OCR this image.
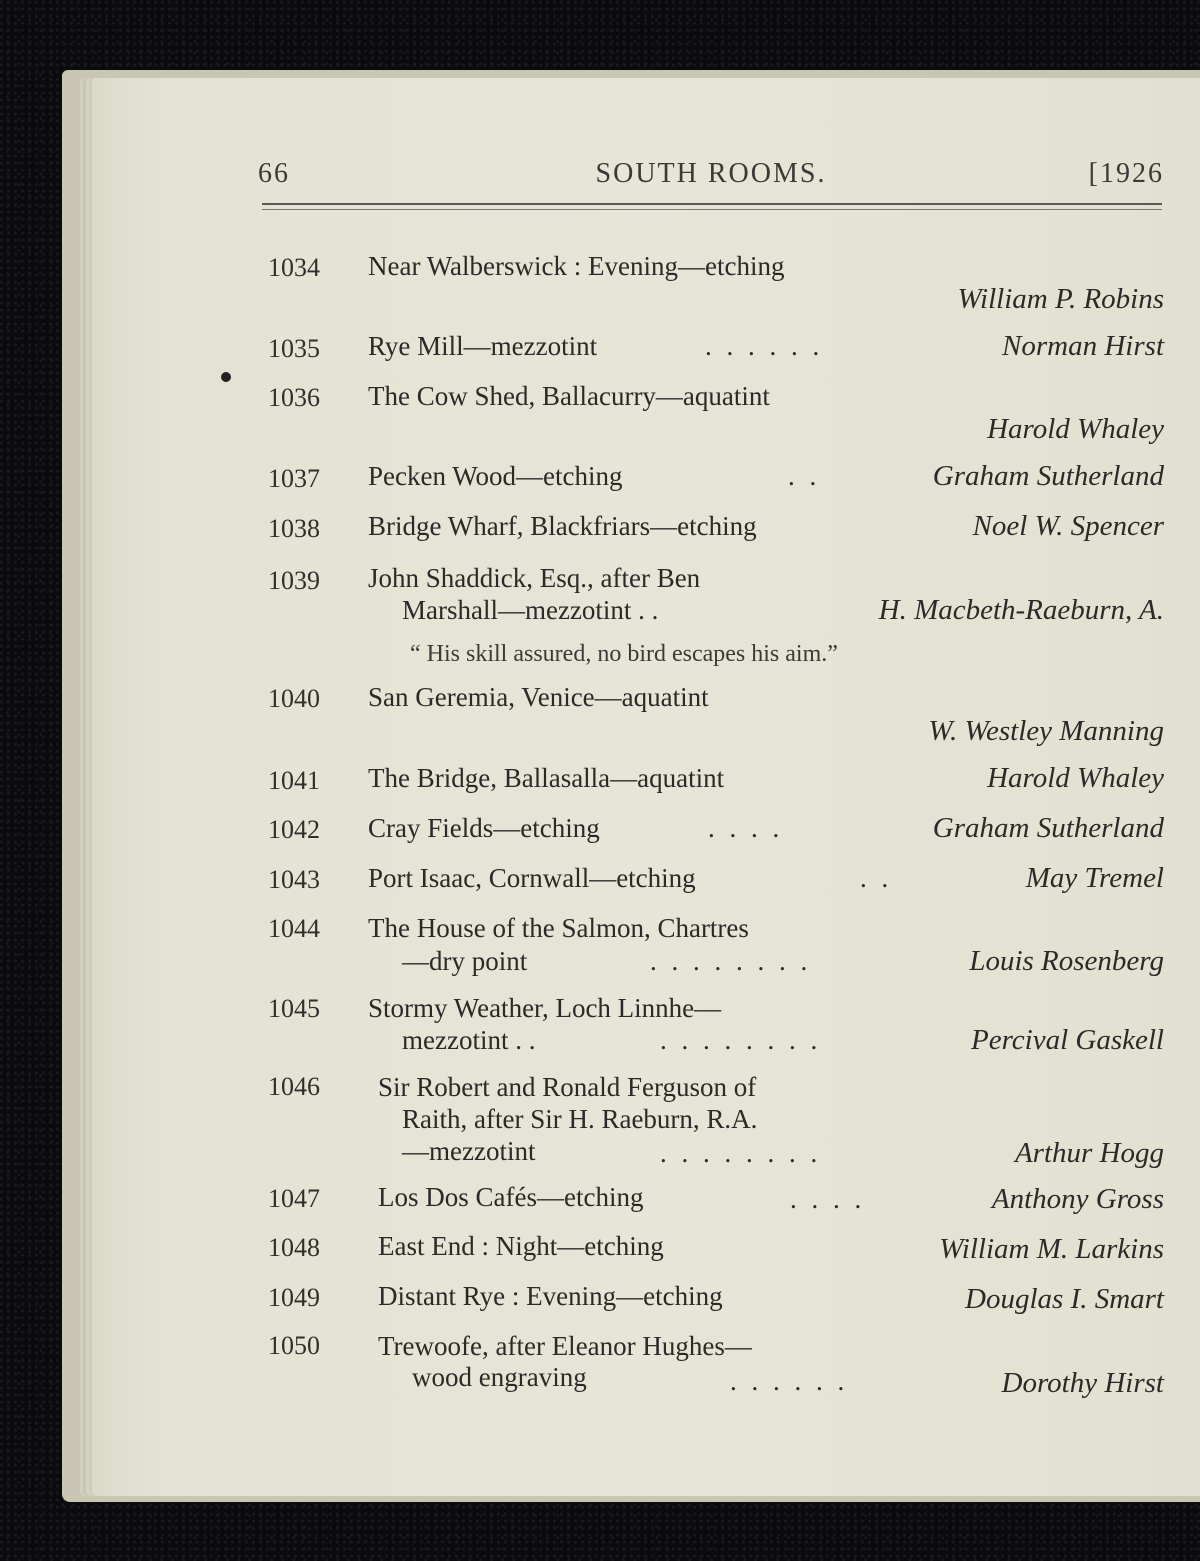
66	SOUTH ROOMS.	[1926
1034 Near Walberswick : Evening—etching
William P. Robins
1035 Rye Mill—mezzotint	. . . . . .	Norman Hirst
1036 The Cow Shed, Ballacurry—aquatint
Harold Whaley
1037 Pecken Wood—etching	. .	Graham Sutherland
1038 Bridge Wharf, Blackfriars—etching	Noel W. Spencer
1039 John Shaddick, Esq., after Ben
Marshall—mezzotint . .	H. Macbeth-Raeburn, A.
“ His skill assured, no bird escapes his aim.”
1040 San Geremia, Venice—aquatint
W. Westley Manning
1041 The Bridge, Ballasalla—aquatint	Harold Whaley
1042 Cray Fields—etching	. . . .	Graham Sutherland
1043 Port Isaac, Cornwall—etching	. .	May Tremel
1044 The House of the Salmon, Chartres
—dry point	. . . . . . . .	Louis Rosenberg
1045 Stormy Weather, Loch Linnhe—
mezzotint . .	. . . . . . . .	Percival Gaskell
1046 Sir Robert and Ronald Ferguson of
Raith, after Sir H. Raeburn, R.A.
—mezzotint	. . . . . . . .	Arthur Hogg
1047 Los Dos Cafés—etching	. . . .	Anthony Gross
1048 East End : Night—etching	William M. Larkins
1049 Distant Rye : Evening—etching	Douglas I. Smart
1050 Trewoofe, after Eleanor Hughes—
wood engraving	. . . . . .	Dorothy Hirst
